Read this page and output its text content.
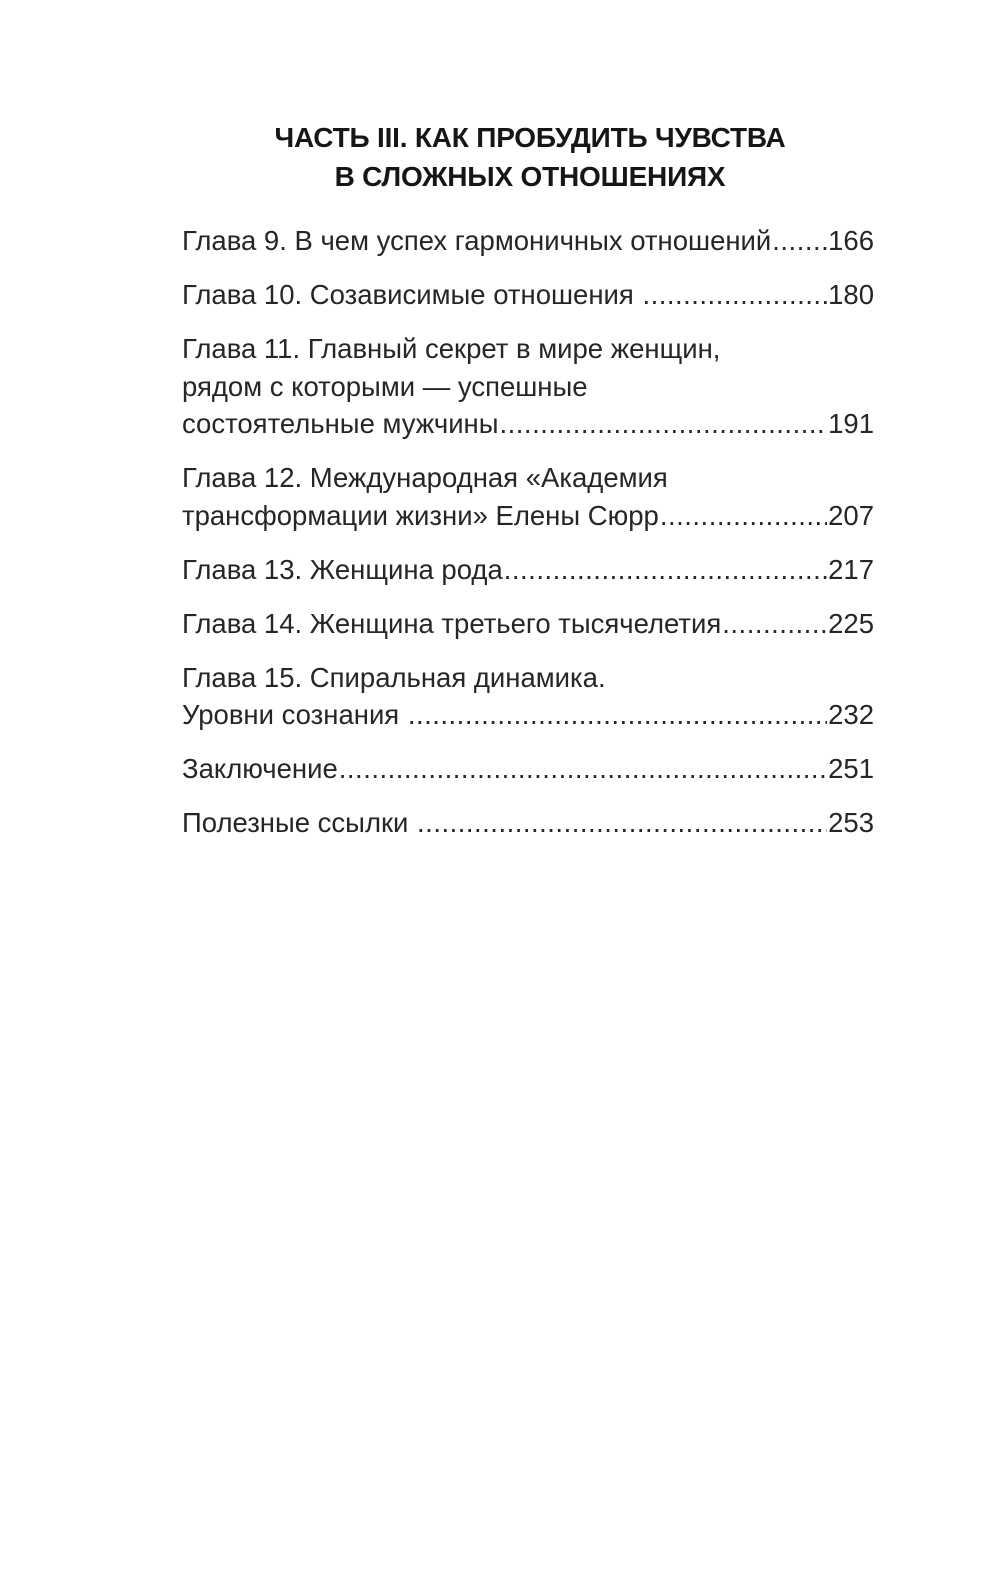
ЧАСТЬ III. КАК ПРОБУДИТЬ ЧУВСТВА
В СЛОЖНЫХ ОТНОШЕНИЯХ
Глава 9. В чем успех гармоничных отношений ..... 166
Глава 10. Созависимые отношения .....	180
Глава 11. Главный секрет в мире женщин,
рядом с которыми — успешные
состоятельные мужчины .....	191
Глава 12. Международная «Академия
трансформации жизни» Елены Сюрр .....	207
Глава 13. Женщина рода .....	217
Глава 14. Женщина третьего тысячелетия .....	225
Глава 15. Спиральная динамика.
Уровни сознания .....	232
Заключение .....	251
Полезные ссылки .....	253
